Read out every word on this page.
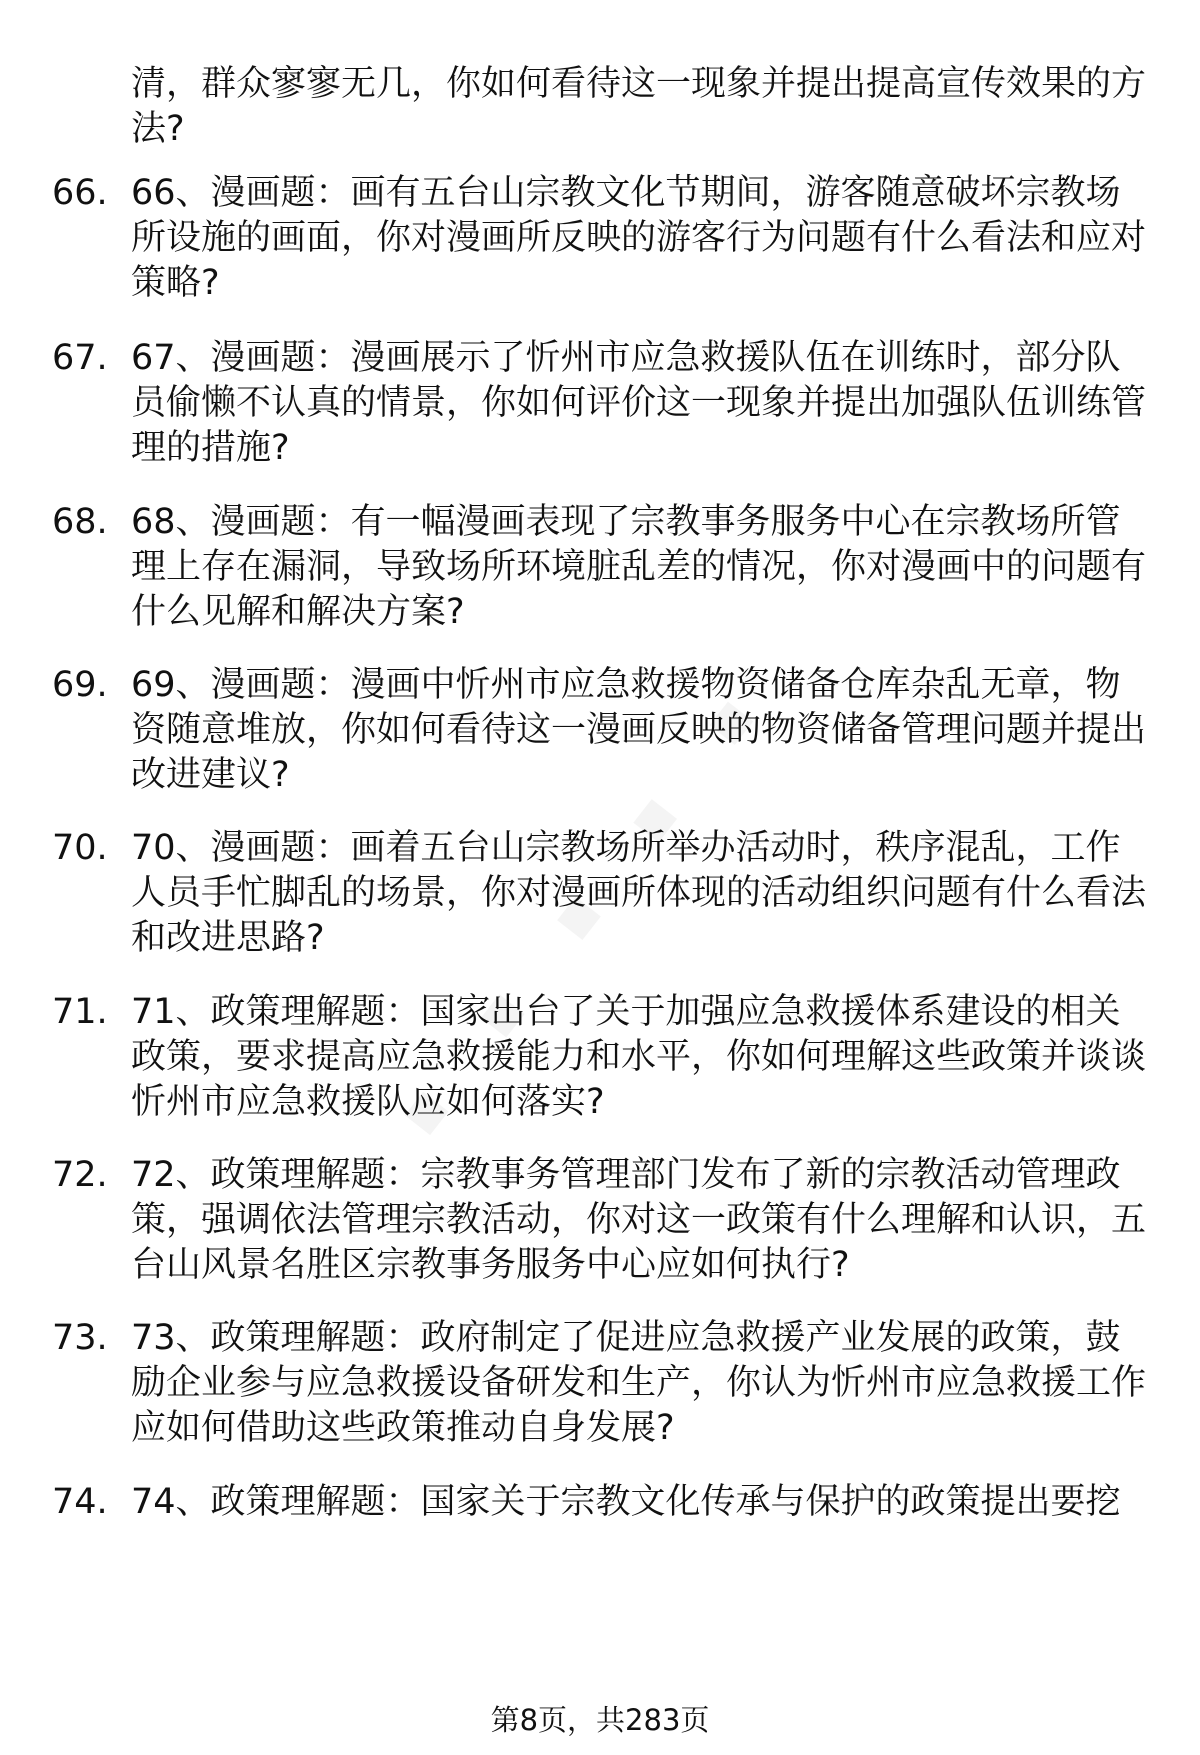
清，群众寥寥无几，你如何看待这一现象并提出提高宣传效果的方法?
66. 66、漫画题：画有五台山宗教文化节期间，游客随意破坏宗教场所设施的画面，你对漫画所反映的游客行为问题有什么看法和应对策略?
67. 67、漫画题：漫画展示了忻州市应急救援队伍在训练时，部分队员偷懒不认真的情景，你如何评价这一现象并提出加强队伍训练管理的措施?
68. 68、漫画题：有一幅漫画表现了宗教事务服务中心在宗教场所管理上存在漏洞，导致场所环境脏乱差的情况，你对漫画中的问题有什么见解和解决方案?
69. 69、漫画题：漫画中忻州市应急救援物资储备仓库杂乱无章，物资随意堆放，你如何看待这一漫画反映的物资储备管理问题并提出改进建议?
70. 70、漫画题：画着五台山宗教场所举办活动时，秩序混乱，工作人员手忙脚乱的场景，你对漫画所体现的活动组织问题有什么看法和改进思路?
71. 71、政策理解题：国家出台了关于加强应急救援体系建设的相关政策，要求提高应急救援能力和水平，你如何理解这些政策并谈谈忻州市应急救援队应如何落实?
72. 72、政策理解题：宗教事务管理部门发布了新的宗教活动管理政策，强调依法管理宗教活动，你对这一政策有什么理解和认识，五台山风景名胜区宗教事务服务中心应如何执行?
73. 73、政策理解题：政府制定了促进应急救援产业发展的政策，鼓励企业参与应急救援设备研发和生产，你认为忻州市应急救援工作应如何借助这些政策推动自身发展?
74. 74、政策理解题：国家关于宗教文化传承与保护的政策提出要挖
第8页，共283页
